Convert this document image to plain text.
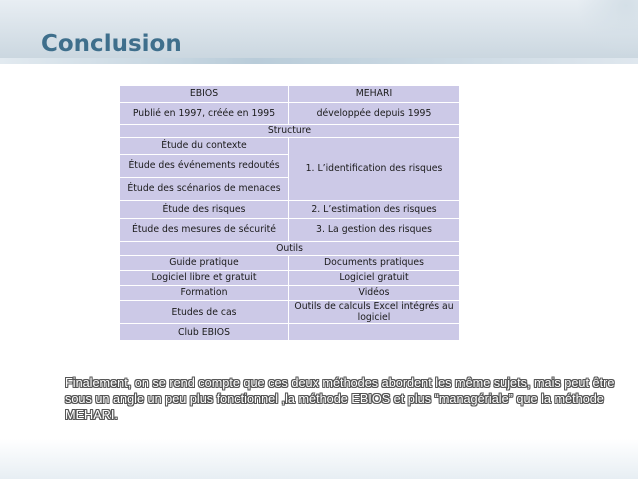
Conclusion
EBIOS	MEHARI
Publié en 1997, créée en 1995	développée depuis 1995
Structure	
Étude du contexte	1. L’identification des risques
Étude des événements redoutés	
Étude des scénarios de menaces	
Étude des risques	2. L’estimation des risques
Étude des mesures de sécurité	3. La gestion des risques
Outils	
Guide pratique	Documents pratiques
Logiciel libre et gratuit	Logiciel gratuit
Formation	Vidéos
Etudes de cas	Outils de calculs Excel intégrés au logiciel

Club EBIOS	

Finalement, on se rend compte que ces deux méthodes abordent les même sujets, mais peut être sous un angle un peu plus fonctionnel ,la méthode EBIOS et plus “managériale” que la méthode MEHARI.
